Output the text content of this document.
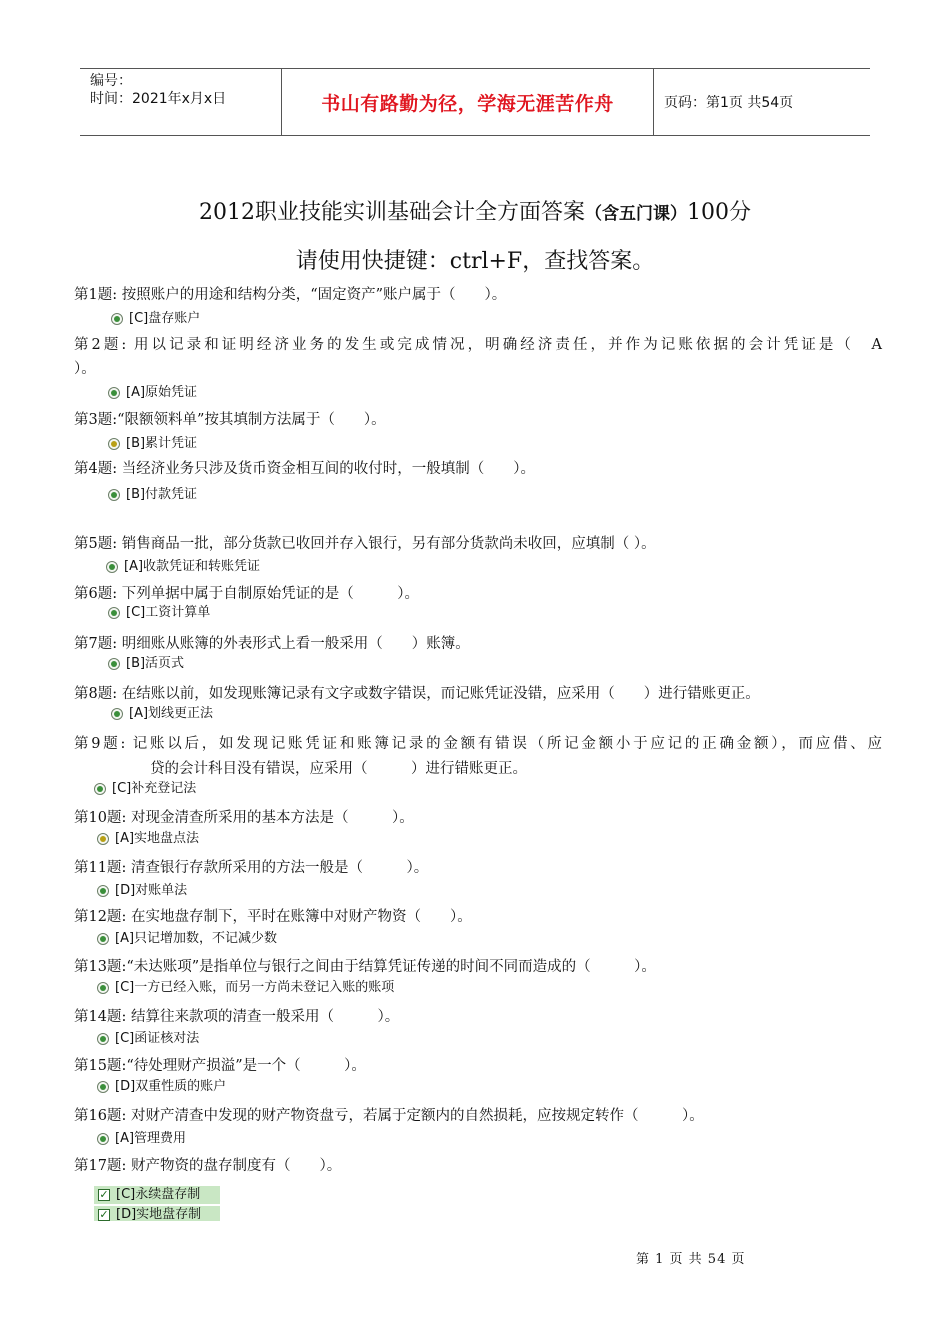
编号：
时间：2021年x月x日	书山有路勤为径，学海无涯苦作舟	页码：第1页 共54页
2012职业技能实训基础会计全方面答案（含五门课）100分
请使用快捷键：ctrl+F，查找答案。
第1题: 按照账户的用途和结构分类，“固定资产”账户属于（　　）。
[C]盘存账户
第2题: 用以记录和证明经济业务的发生或完成情况，明确经济责任，并作为记账依据的会计凭证是（　A
）。
[A]原始凭证
第3题:“限额领料单”按其填制方法属于（　　）。
[B]累计凭证
第4题: 当经济业务只涉及货币资金相互间的收付时，一般填制（　　）。
[B]付款凭证
第5题: 销售商品一批，部分货款已收回并存入银行，另有部分货款尚未收回，应填制（ ）。
[A]收款凭证和转账凭证
第6题: 下列单据中属于自制原始凭证的是（　　　）。
[C]工资计算单
第7题: 明细账从账簿的外表形式上看一般采用（　　）账簿。
[B]活页式
第8题: 在结账以前，如发现账簿记录有文字或数字错误，而记账凭证没错，应采用（　　）进行错账更正。
[A]划线更正法
第9题: 记账以后，如发现记账凭证和账簿记录的金额有错误（所记金额小于应记的正确金额），而应借、应
贷的会计科目没有错误，应采用（　　　）进行错账更正。
[C]补充登记法
第10题: 对现金清查所采用的基本方法是（　　　）。
[A]实地盘点法
第11题: 清查银行存款所采用的方法一般是（　　　）。
[D]对账单法
第12题: 在实地盘存制下，平时在账簿中对财产物资（　　）。
[A]只记增加数，不记减少数
第13题:“未达账项”是指单位与银行之间由于结算凭证传递的时间不同而造成的（　　　）。
[C]一方已经入账，而另一方尚未登记入账的账项
第14题: 结算往来款项的清查一般采用（　　　）。
[C]函证核对法
第15题:“待处理财产损溢”是一个（　　　）。
[D]双重性质的账户
第16题: 对财产清查中发现的财产物资盘亏，若属于定额内的自然损耗，应按规定转作（　　　）。
[A]管理费用
第17题: 财产物资的盘存制度有（　　）。
✓ [C]永续盘存制
✓ [D]实地盘存制
第 1 页 共 54 页
